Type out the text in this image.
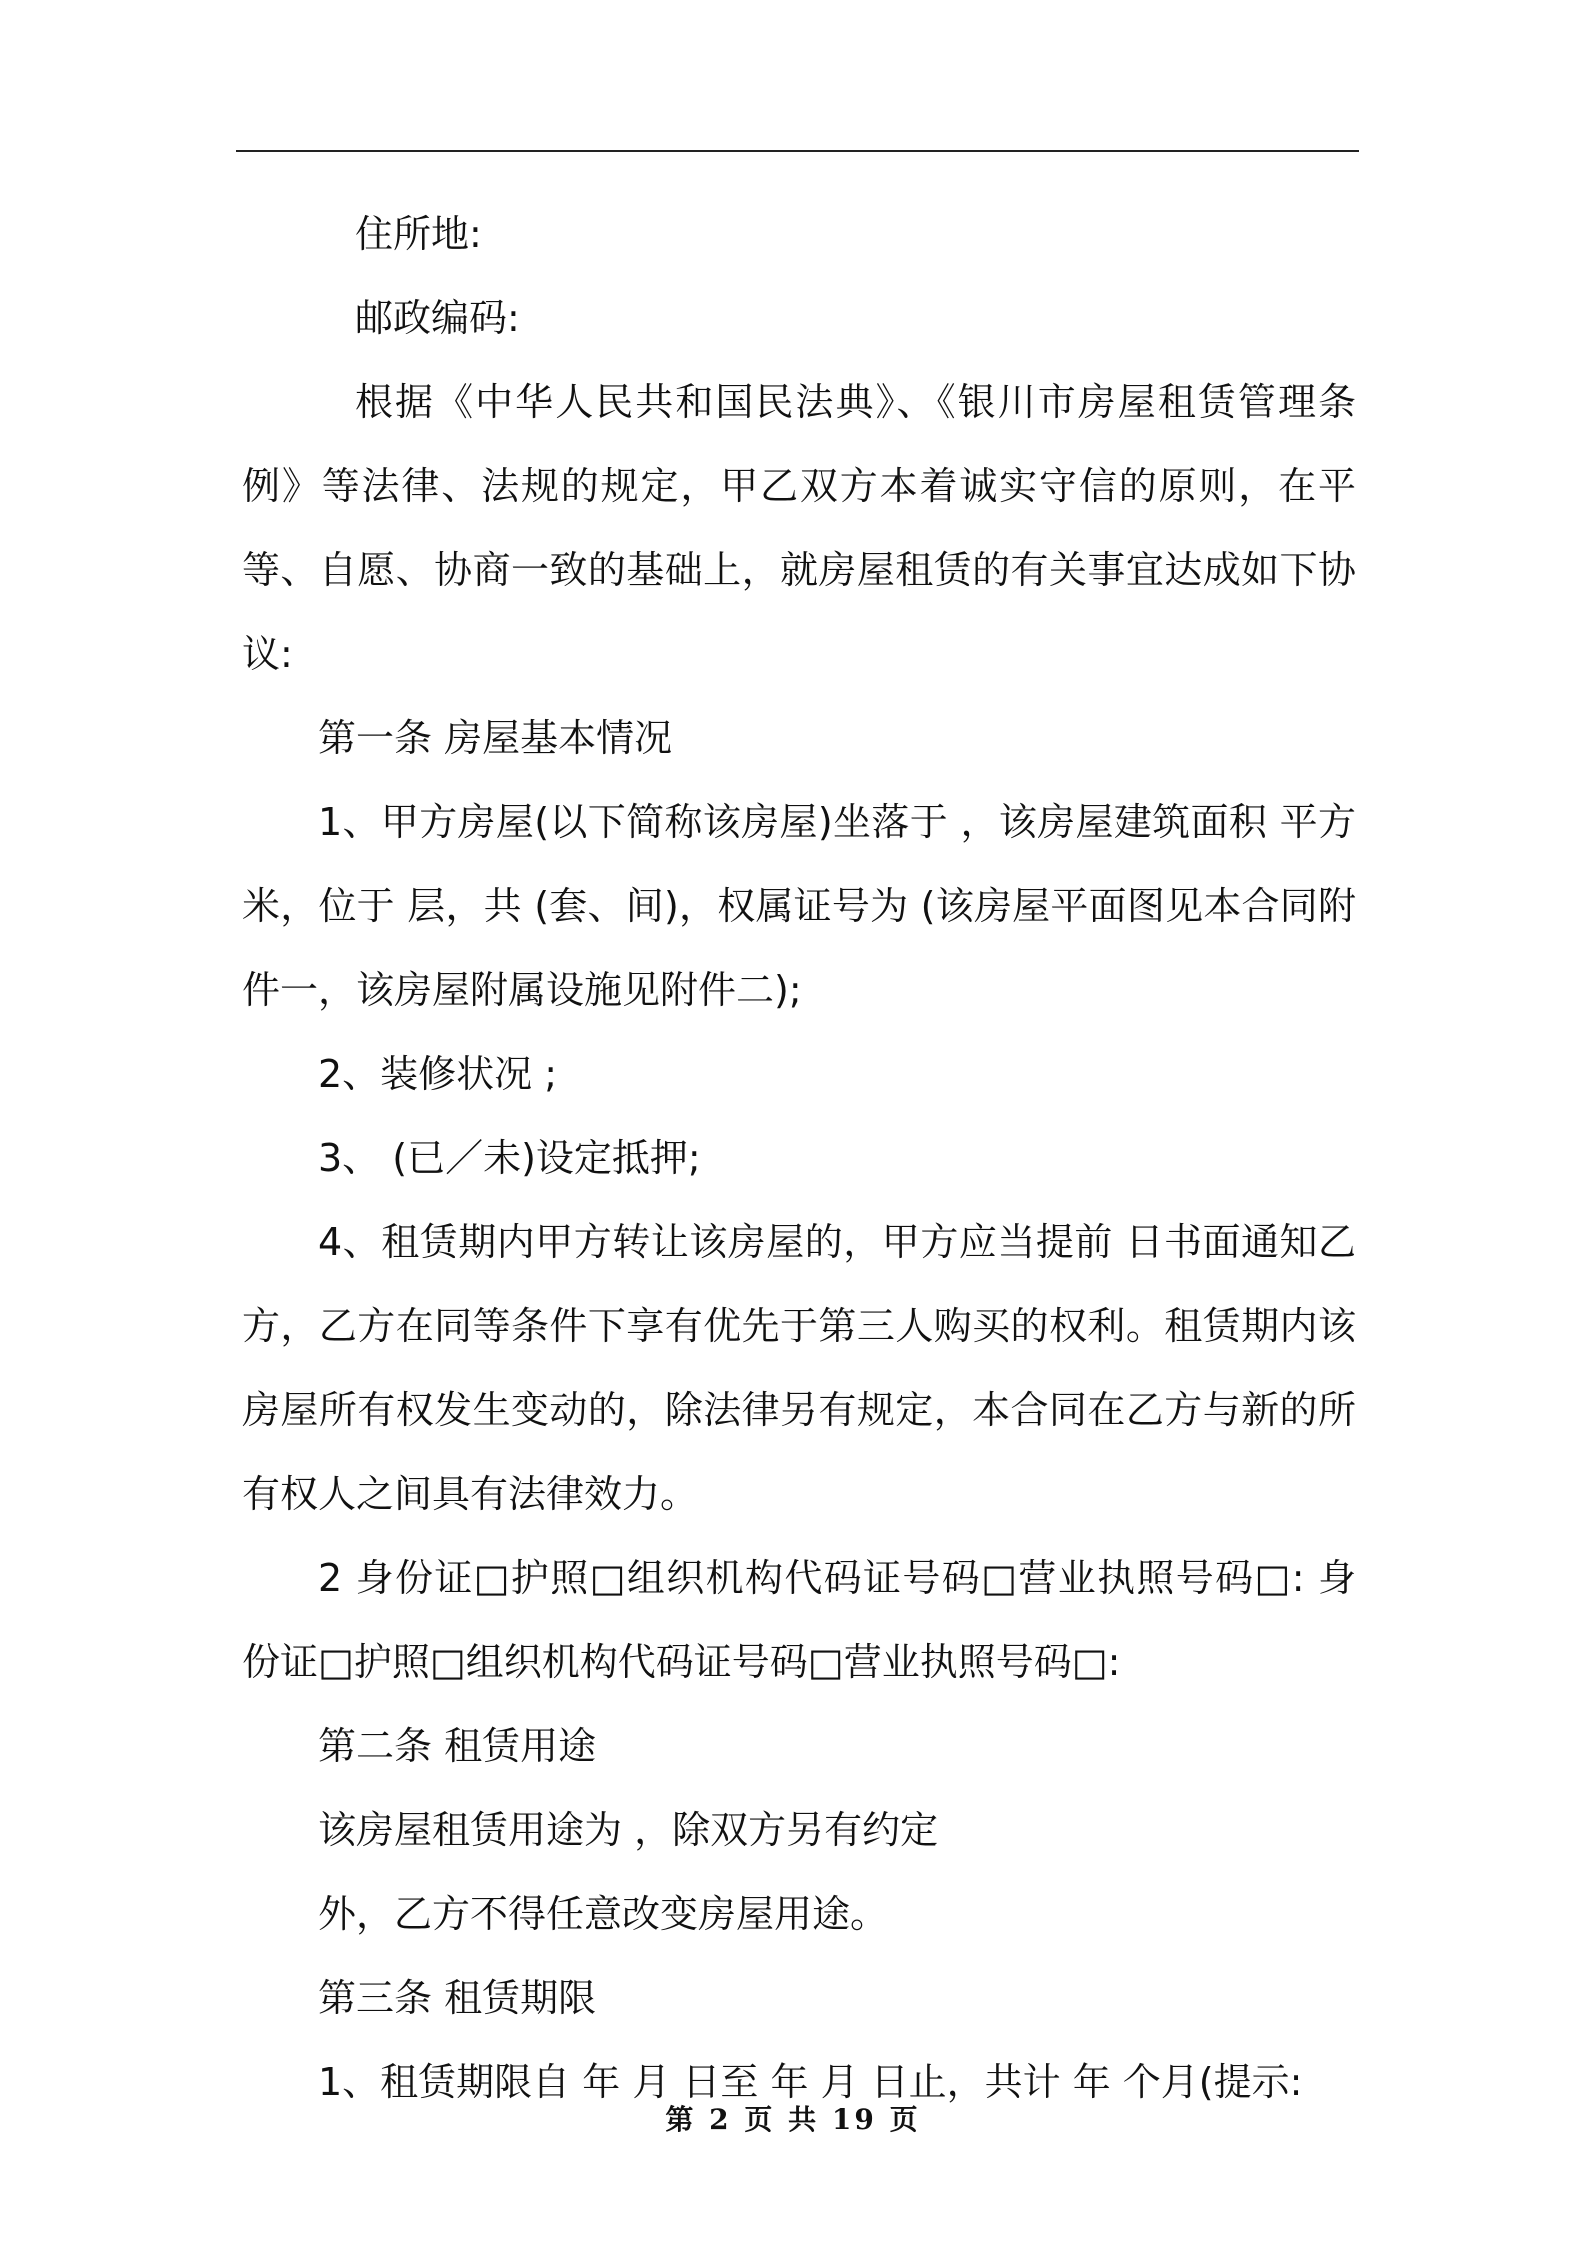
住所地:

邮政编码:

根据《中华人民共和国民法典》、《银川市房屋租赁管理条例》等法律、法规的规定，甲乙双方本着诚实守信的原则，在平等、自愿、协商一致的基础上，就房屋租赁的有关事宜达成如下协议:

第一条 房屋基本情况

1、甲方房屋(以下简称该房屋)坐落于 ，该房屋建筑面积 平方米，位于 层，共 (套、间)，权属证号为 (该房屋平面图见本合同附件一，该房屋附属设施见附件二);

2、装修状况 ;

3、 (已／未)设定抵押;

4、租赁期内甲方转让该房屋的，甲方应当提前 日书面通知乙方，乙方在同等条件下享有优先于第三人购买的权利。租赁期内该房屋所有权发生变动的，除法律另有规定，本合同在乙方与新的所有权人之间具有法律效力。

2 身份证□护照□组织机构代码证号码□营业执照号码□: 身份证□护照□组织机构代码证号码□营业执照号码□:

第二条 租赁用途

该房屋租赁用途为 ，除双方另有约定

外，乙方不得任意改变房屋用途。

第三条 租赁期限

1、租赁期限自 年 月 日至 年 月 日止，共计 年 个月(提示:

第 2 页 共 19 页
